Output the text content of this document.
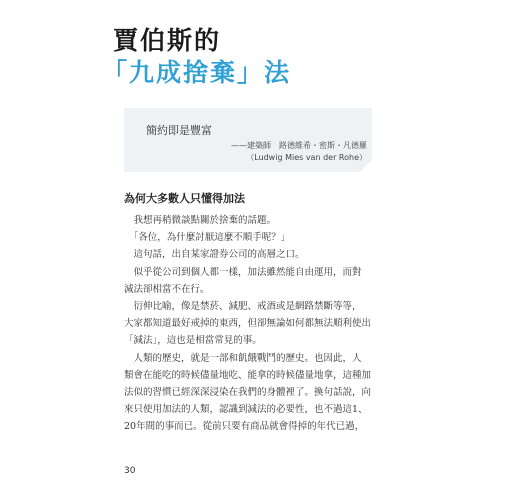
賈伯斯的
「九成捨棄」法
簡約即是豐富
——建築師　路德維希・密斯・凡德羅
（Ludwig Mies van der Rohe）
為何大多數人只懂得加法
　我想再稍微談點關於捨棄的話題。
　「各位，為什麼討厭這麼不順手呢？」
　這句話，出自某家證券公司的高層之口。
　似乎從公司到個人都一樣，加法雖然能自由運用，而對
減法卻相當不在行。
　衍伸比喻，像是禁菸、減肥、戒酒或是網路禁斷等等，
大家都知道最好戒掉的東西，但卻無論如何都無法順利使出
「減法」，這也是相當常見的事。
　人類的歷史，就是一部和飢餓戰鬥的歷史。也因此，人
類會在能吃的時候儘量地吃、能拿的時候儘量地拿，這種加
法似的習慣已經深深浸染在我們的身體裡了。換句話說，向
來只使用加法的人類，認識到減法的必要性，也不過這1、
20年間的事而已。從前只要有商品就會得掉的年代已過，
30
